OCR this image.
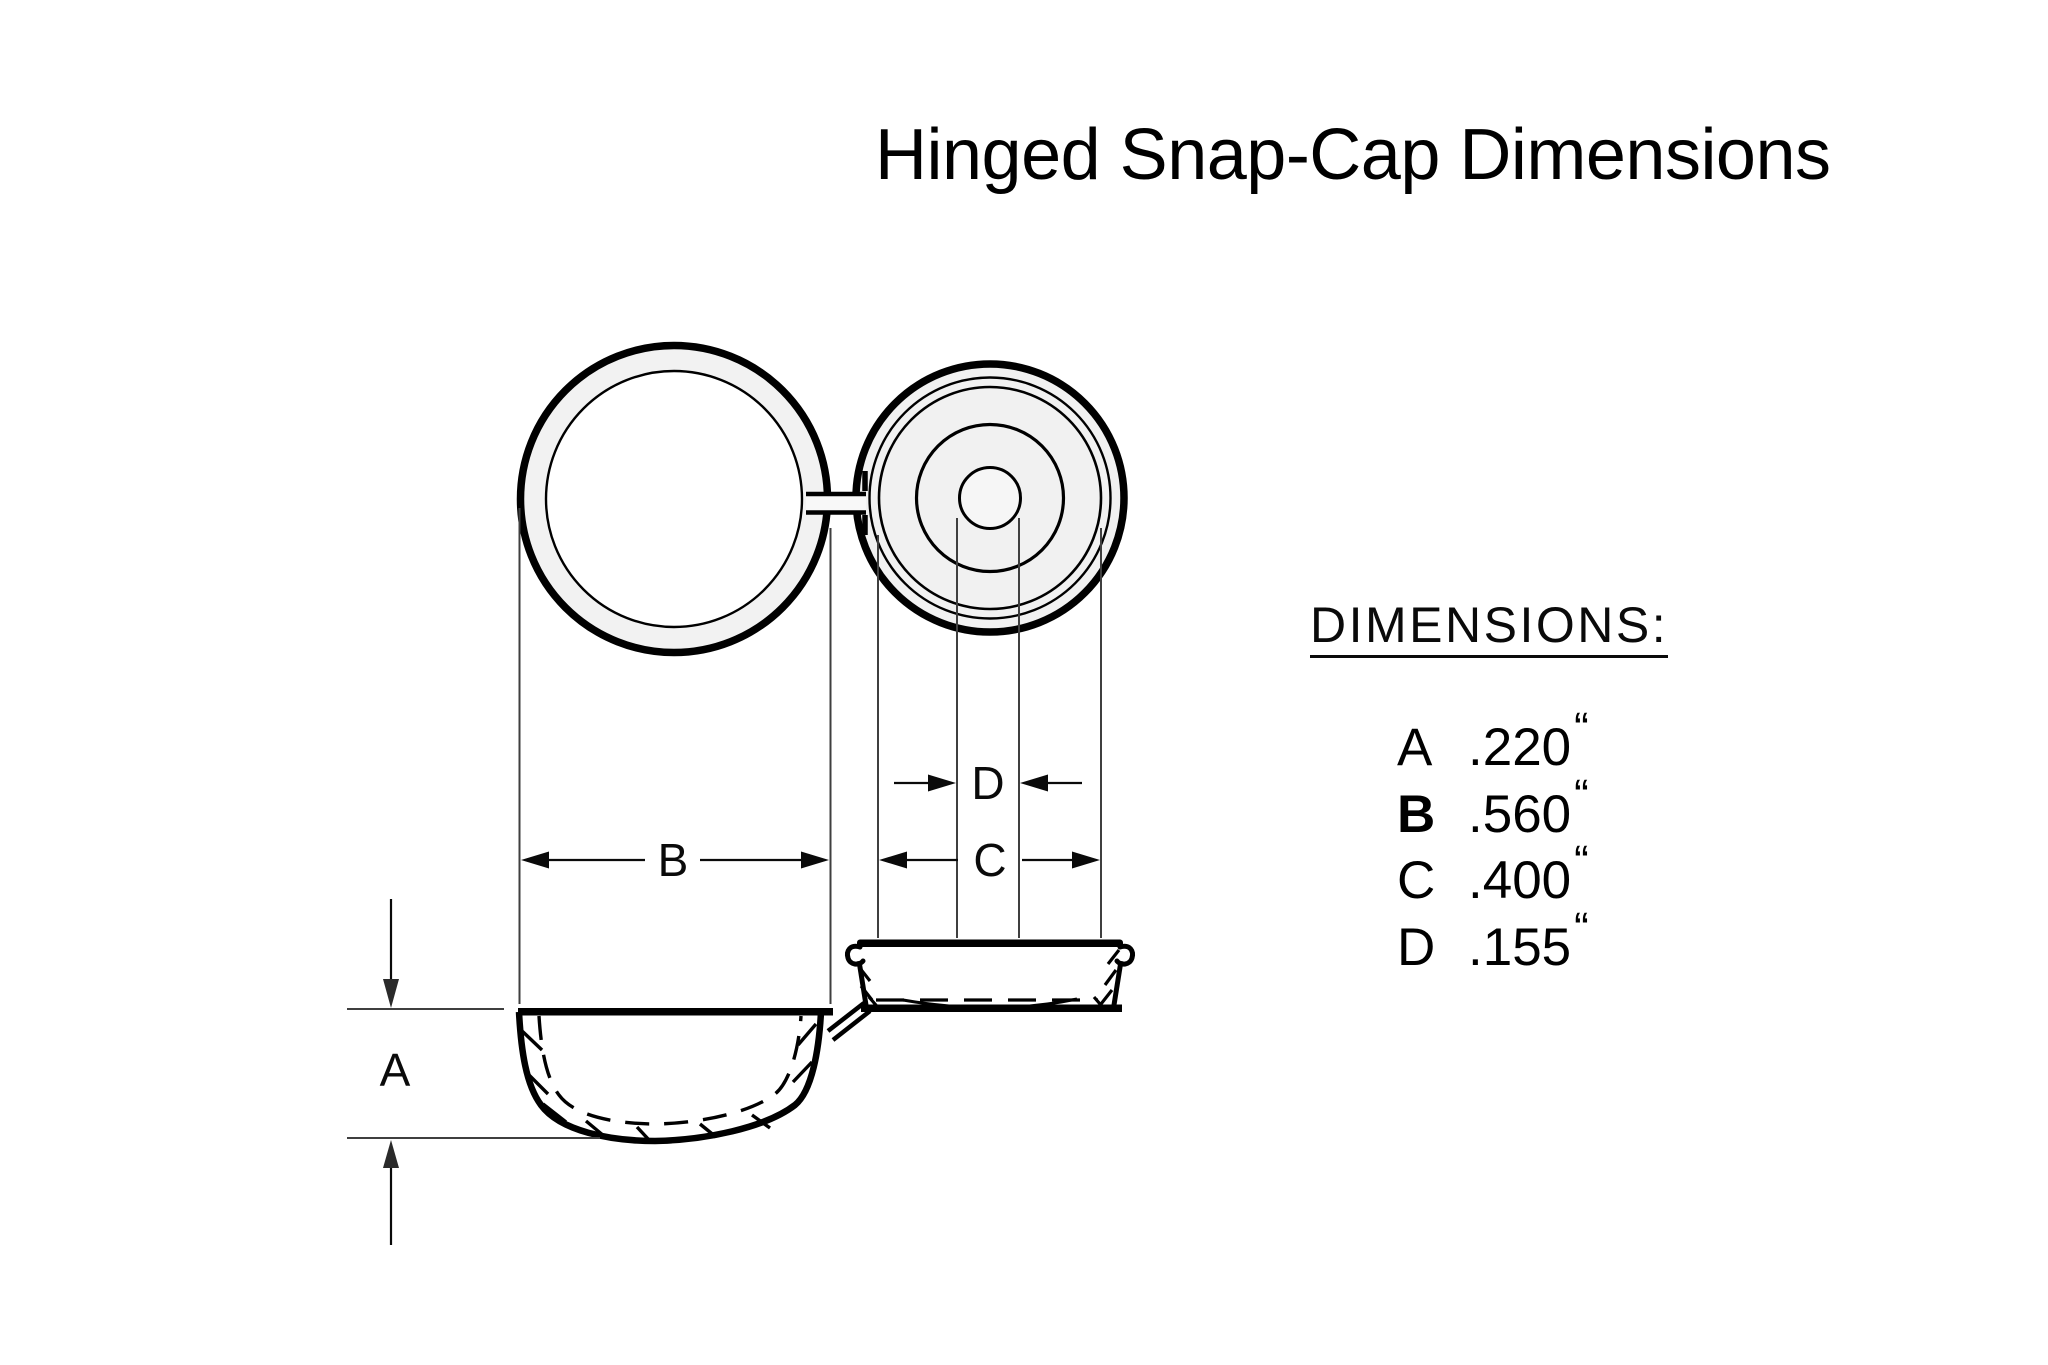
Hinged Snap-Cap Dimensions
A
B	C
D
DIMENSIONS:
A .220“
B .560“
C .400“
D .155“
